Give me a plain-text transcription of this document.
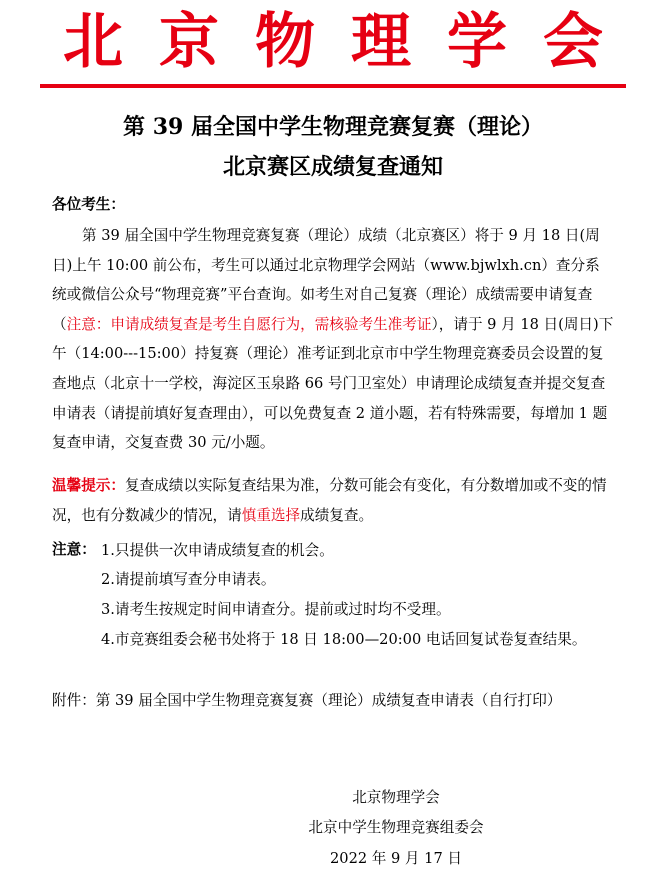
北京物理学会
第 39 届全国中学生物理竞赛复赛（理论）
北京赛区成绩复查通知

各位考生：

第 39 届全国中学生物理竞赛复赛（理论）成绩（北京赛区）将于 9 月 18 日(周日)上午 10:00 前公布，考生可以通过北京物理学会网站（www.bjwlxh.cn）查分系统或微信公众号“物理竞赛”平台查询。如考生对自己复赛（理论）成绩需要申请复查（注意：申请成绩复查是考生自愿行为，需核验考生准考证），请于 9 月 18 日(周日)下午（14:00---15:00）持复赛（理论）准考证到北京市中学生物理竞赛委员会设置的复查地点（北京十一学校，海淀区玉泉路 66 号门卫室处）申请理论成绩复查并提交复查申请表（请提前填好复查理由），可以免费复查 2 道小题，若有特殊需要，每增加 1 题复查申请，交复查费 30 元/小题。

温馨提示：复查成绩以实际复查结果为准，分数可能会有变化，有分数增加或不变的情况，也有分数减少的情况，请慎重选择成绩复查。

注意： 1.只提供一次申请成绩复查的机会。
2.请提前填写查分申请表。
3.请考生按规定时间申请查分。提前或过时均不受理。
4.市竞赛组委会秘书处将于 18 日 18:00—20:00 电话回复试卷复查结果。
附件：第 39 届全国中学生物理竞赛复赛（理论）成绩复查申请表（自行打印）
北京物理学会
北京中学生物理竞赛组委会
2022 年 9 月 17 日
